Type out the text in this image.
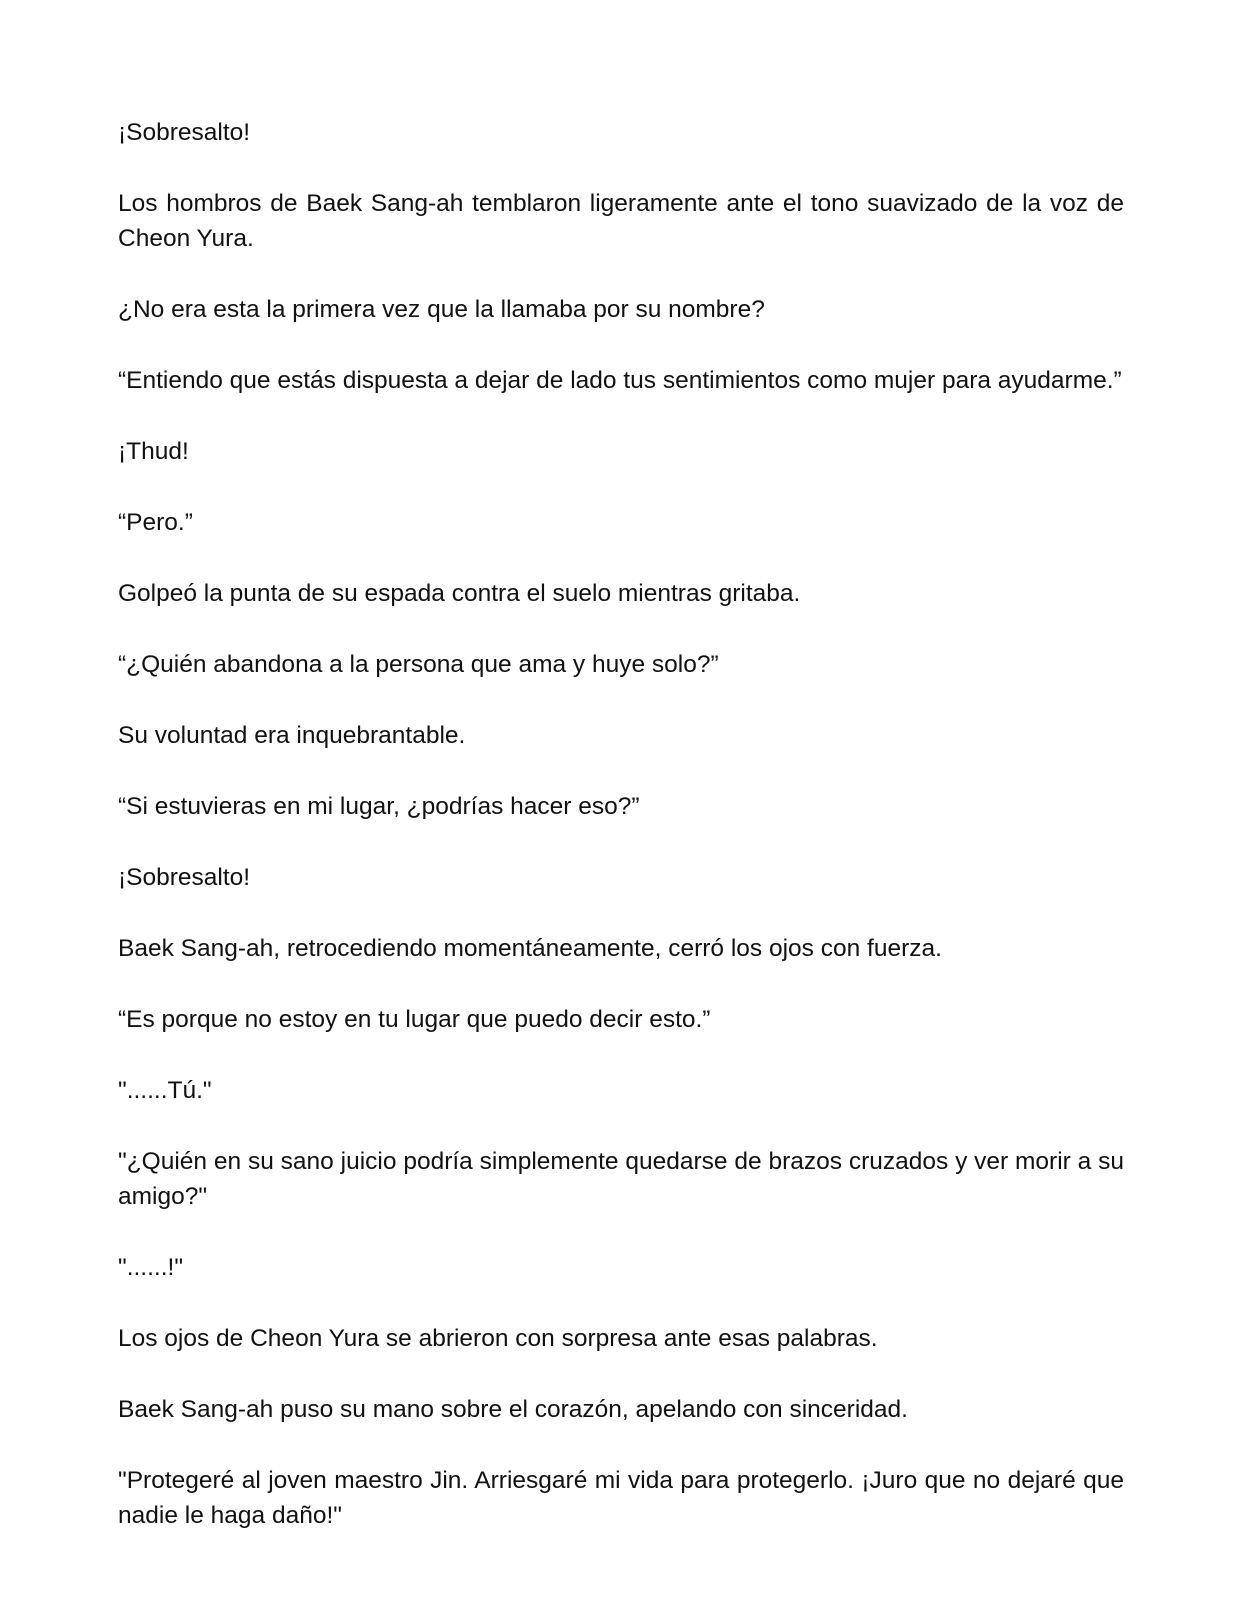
¡Sobresalto!

Los hombros de Baek Sang-ah temblaron ligeramente ante el tono suavizado de la voz de Cheon Yura.

¿No era esta la primera vez que la llamaba por su nombre?

“Entiendo que estás dispuesta a dejar de lado tus sentimientos como mujer para ayudarme.”

¡Thud!

“Pero.”

Golpeó la punta de su espada contra el suelo mientras gritaba.

“¿Quién abandona a la persona que ama y huye solo?”

Su voluntad era inquebrantable.

“Si estuvieras en mi lugar, ¿podrías hacer eso?”

¡Sobresalto!

Baek Sang-ah, retrocediendo momentáneamente, cerró los ojos con fuerza.

“Es porque no estoy en tu lugar que puedo decir esto.”

"......Tú."

"¿Quién en su sano juicio podría simplemente quedarse de brazos cruzados y ver morir a su amigo?"

"......!"

Los ojos de Cheon Yura se abrieron con sorpresa ante esas palabras.

Baek Sang-ah puso su mano sobre el corazón, apelando con sinceridad.

"Protegeré al joven maestro Jin. Arriesgaré mi vida para protegerlo. ¡Juro que no dejaré que nadie le haga daño!"
